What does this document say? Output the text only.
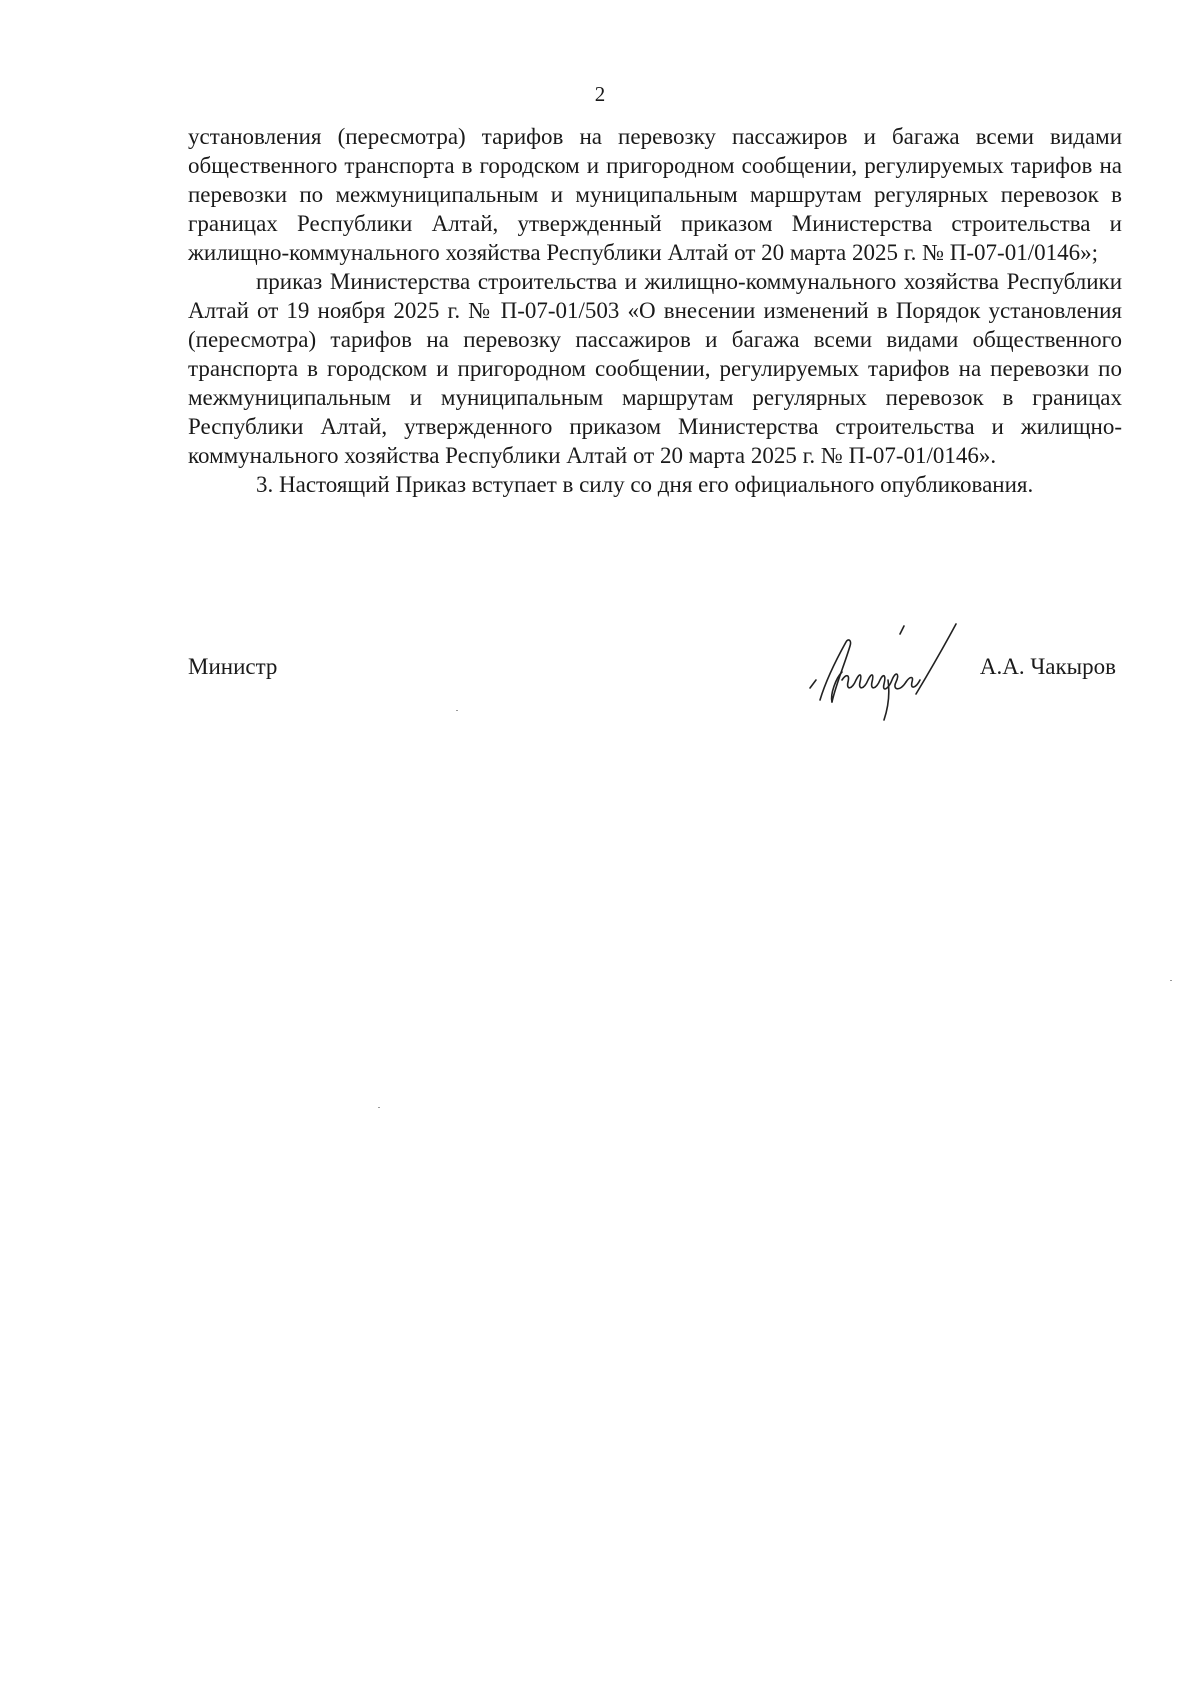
2

установления (пересмотра) тарифов на перевозку пассажиров и багажа всеми видами общественного транспорта в городском и пригородном сообщении, регулируемых тарифов на перевозки по межмуниципальным и муниципальным маршрутам регулярных перевозок в границах Республики Алтай, утвержденный приказом Министерства строительства и жилищно-коммунального хозяйства Республики Алтай от 20 марта 2025 г. № П-07-01/0146»;

приказ Министерства строительства и жилищно-коммунального хозяйства Республики Алтай от 19 ноября 2025 г. № П-07-01/503 «О внесении изменений в Порядок установления (пересмотра) тарифов на перевозку пассажиров и багажа всеми видами общественного транспорта в городском и пригородном сообщении, регулируемых тарифов на перевозки по межмуниципальным и муниципальным маршрутам регулярных перевозок в границах Республики Алтай, утвержденного приказом Министерства строительства и жилищно-коммунального хозяйства Республики Алтай от 20 марта 2025 г. № П-07-01/0146».

3. Настоящий Приказ вступает в силу со дня его официального опубликования.

Министр	А.А. Чакыров
